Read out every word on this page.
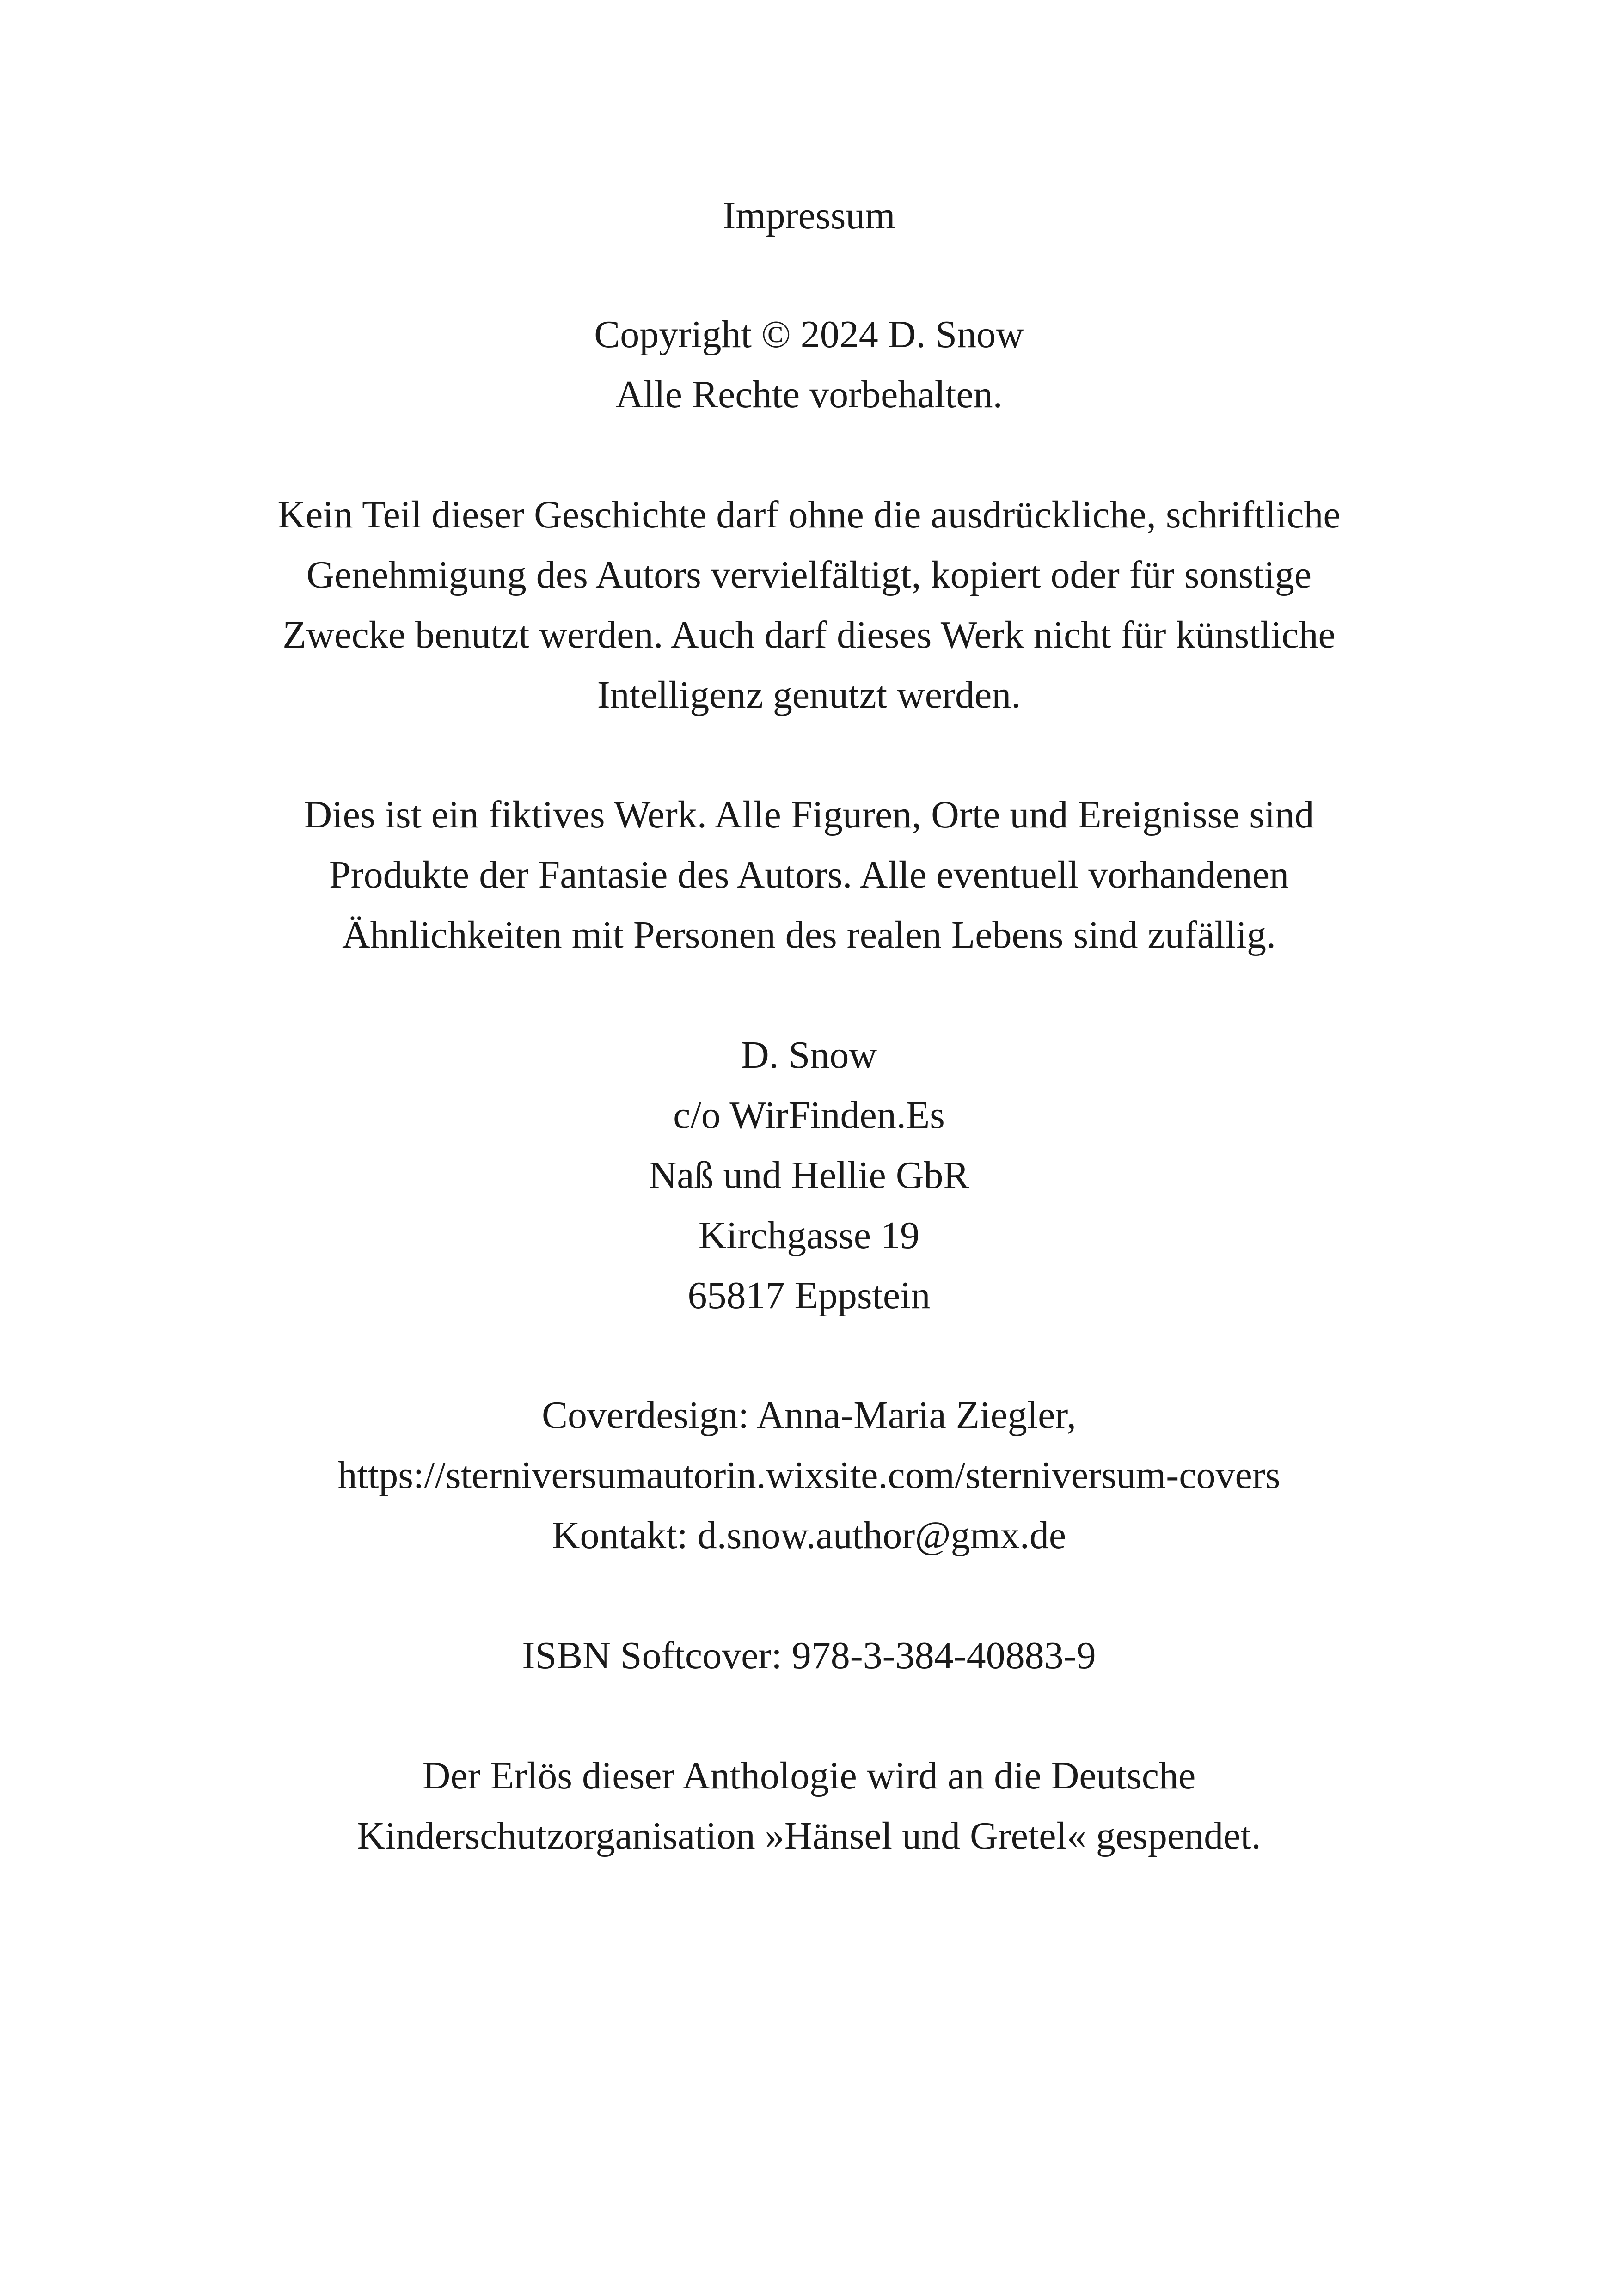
Impressum
Copyright © 2024 D. Snow
Alle Rechte vorbehalten.
Kein Teil dieser Geschichte darf ohne die ausdrückliche, schriftliche
Genehmigung des Autors vervielfältigt, kopiert oder für sonstige
Zwecke benutzt werden. Auch darf dieses Werk nicht für künstliche
Intelligenz genutzt werden.
Dies ist ein fiktives Werk. Alle Figuren, Orte und Ereignisse sind
Produkte der Fantasie des Autors. Alle eventuell vorhandenen
Ähnlichkeiten mit Personen des realen Lebens sind zufällig.
D. Snow
c/o WirFinden.Es
Naß und Hellie GbR
Kirchgasse 19
65817 Eppstein
Coverdesign: Anna-Maria Ziegler,
https://sterniversumautorin.wixsite.com/sterniversum-covers
Kontakt: d.snow.author@gmx.de
ISBN Softcover: 978-3-384-40883-9
Der Erlös dieser Anthologie wird an die Deutsche
Kinderschutzorganisation »Hänsel und Gretel« gespendet.
